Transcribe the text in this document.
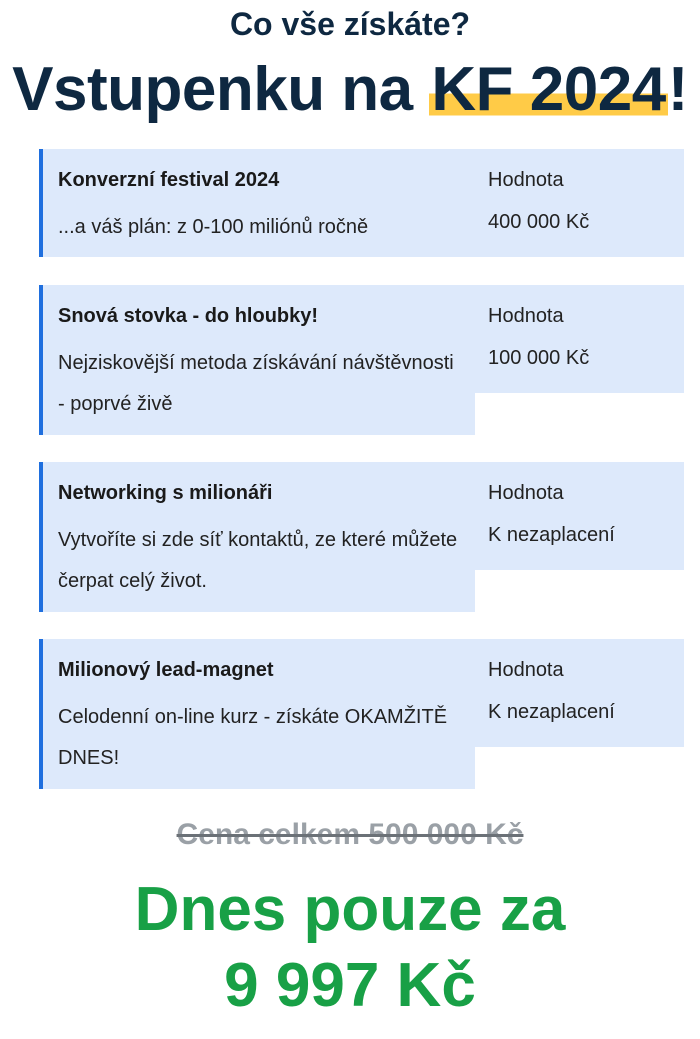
Co vše získáte?
Vstupenku na KF 2024!
Konverzní festival 2024
...a váš plán: z 0-100 miliónů ročně
Hodnota
400 000 Kč
Snová stovka - do hloubky!
Nejziskovější metoda získávání návštěvnosti - poprvé živě
Hodnota
100 000 Kč
Networking s milionáři
Vytvoříte si zde síť kontaktů, ze které můžete čerpat celý život.
Hodnota
K nezaplacení
Milionový lead-magnet
Celodenní on-line kurz - získáte OKAMŽITĚ DNES!
Hodnota
K nezaplacení
Cena celkem 500 000 Kč
Dnes pouze za
9 997 Kč
